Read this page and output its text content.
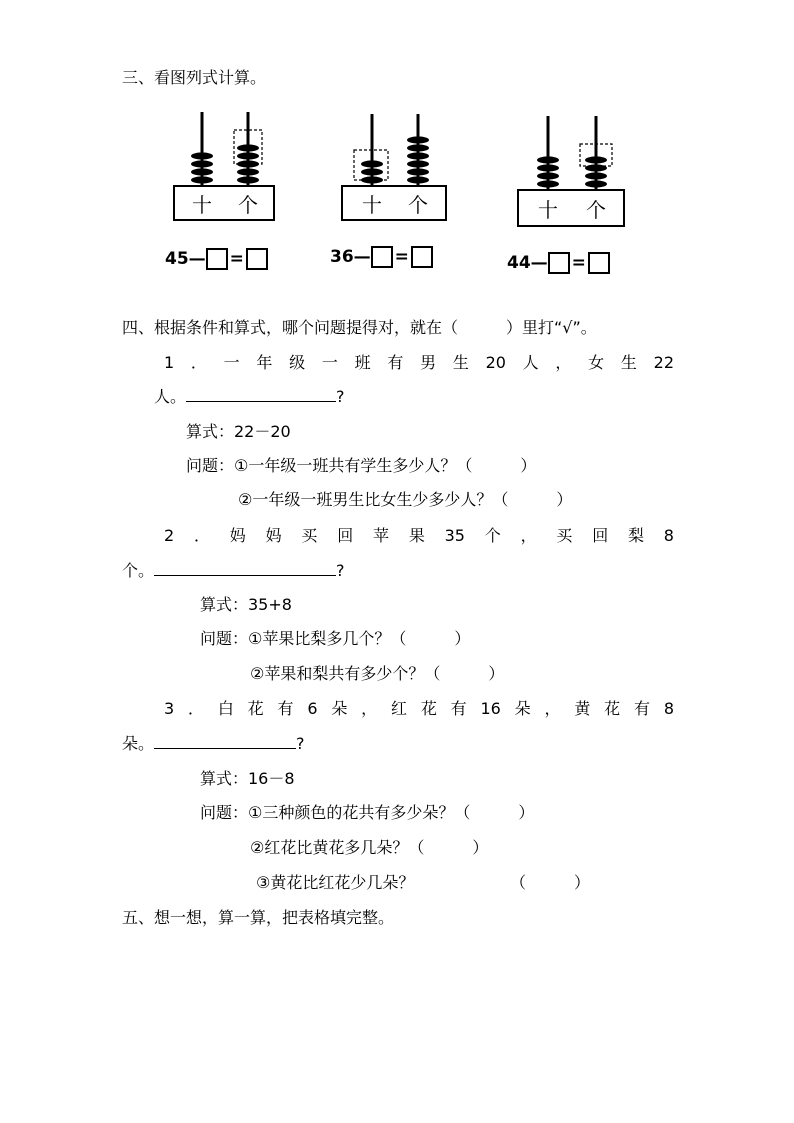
三、看图列式计算。
十 个	十 个	十 个
45— =	36— =	44— =
四、根据条件和算式，哪个问题提得对，就在（　　　）里打“√”。
1．一年级一班有男生20人，女生22
人。	?
算式：22－20
问题：①一年级一班共有学生多少人？（　　　）
②一年级一班男生比女生少多少人？（　　　）
2．妈妈买回苹果35个，买回梨8
个。	?
算式：35+8
问题：①苹果比梨多几个？（　　　）
②苹果和梨共有多少个？（　　　）
3．白花有6朵，红花有16朵，黄花有8
朵。	?
算式：16－8
问题：①三种颜色的花共有多少朵？（　　　）
②红花比黄花多几朵？（　　　）
③黄花比红花少几朵？	（　　　）
五、想一想，算一算，把表格填完整。
